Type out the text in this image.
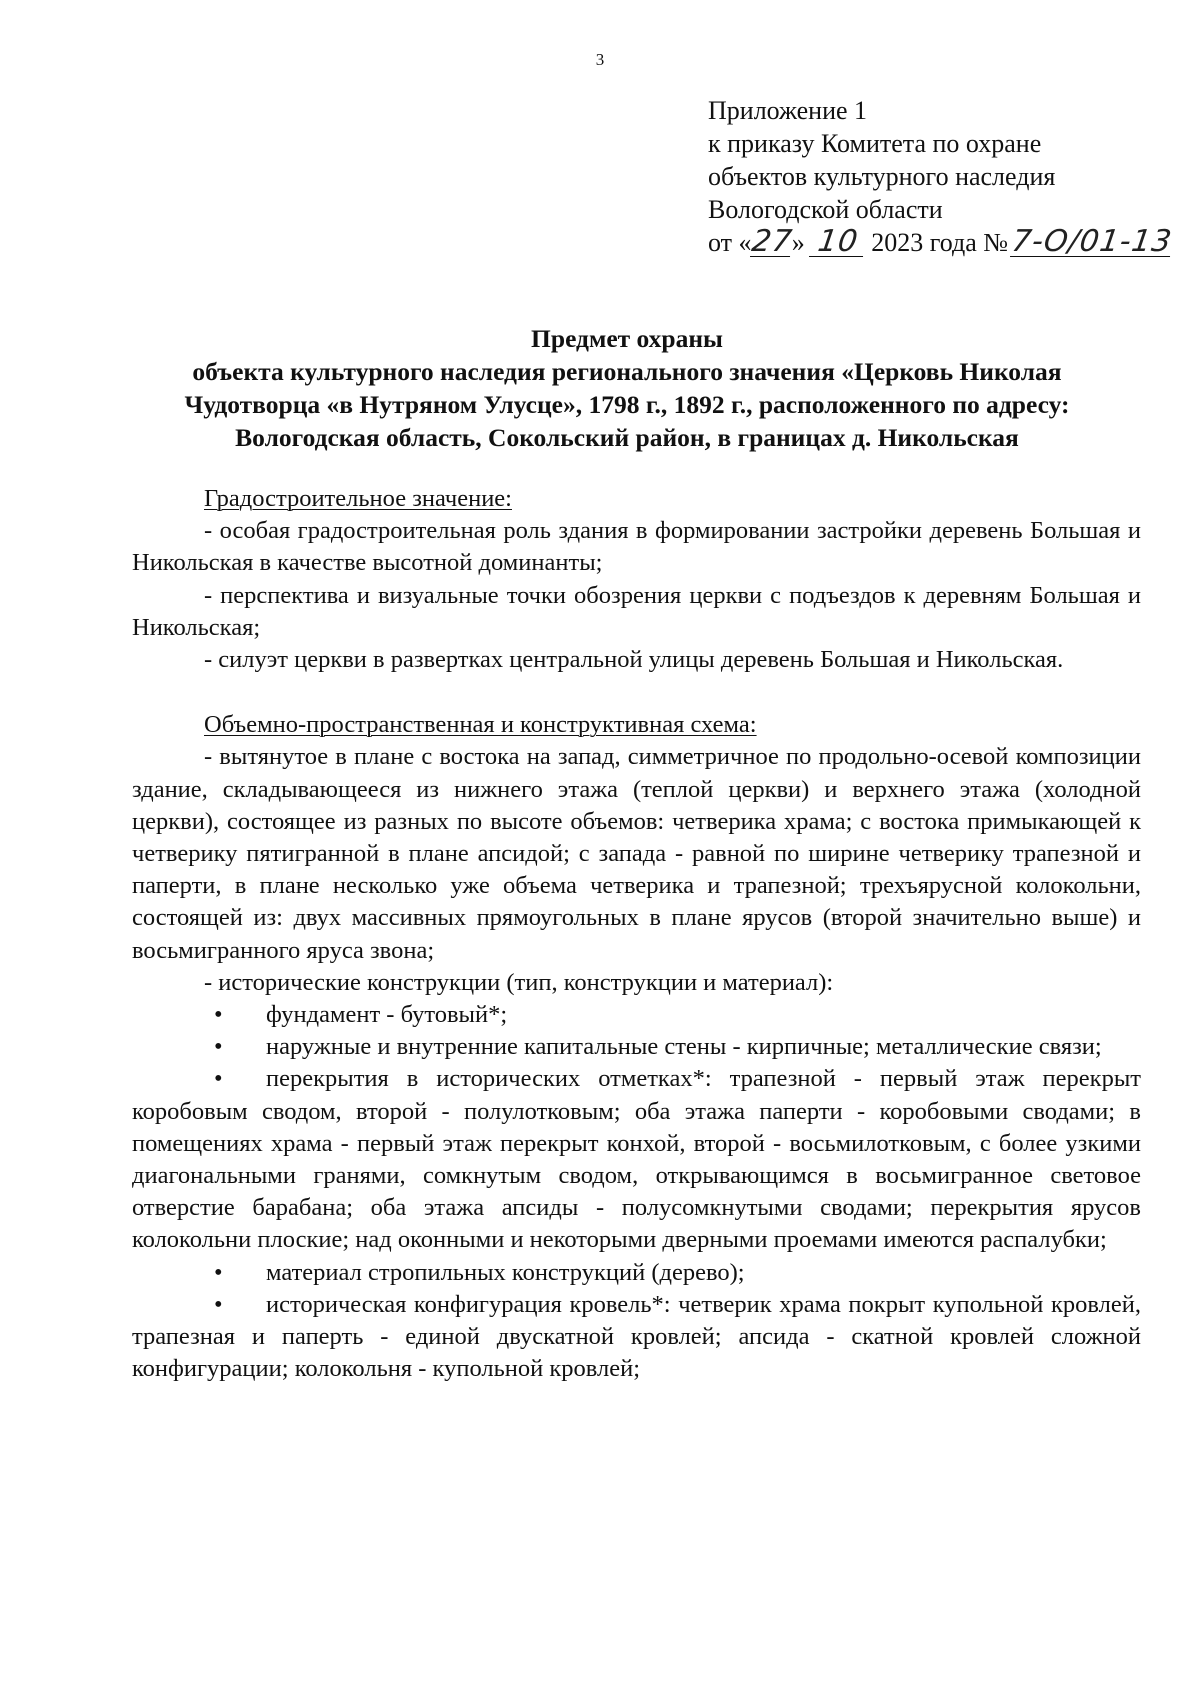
3
Приложение 1
к приказу Комитета по охране
объектов культурного наследия
Вологодской области
от «27» 10 2023 года №7-О/01-13
Предмет охраны
объекта культурного наследия регионального значения «Церковь Николая
Чудотворца «в Нутряном Улусце», 1798 г., 1892 г., расположенного по адресу:
Вологодская область, Сокольский район, в границах д. Никольская
Градостроительное значение:

- особая градостроительная роль здания в формировании застройки деревень Большая и Никольская в качестве высотной доминанты;

- перспектива и визуальные точки обозрения церкви с подъездов к деревням Большая и Никольская;

- силуэт церкви в развертках центральной улицы деревень Большая и Никольская.

Объемно-пространственная и конструктивная схема:

- вытянутое в плане с востока на запад, симметричное по продольно-осевой композиции здание, складывающееся из нижнего этажа (теплой церкви) и верхнего этажа (холодной церкви), состоящее из разных по высоте объемов: четверика храма; с востока примыкающей к четверику пятигранной в плане апсидой; с запада - равной по ширине четверику трапезной и паперти, в плане несколько уже объема четверика и трапезной; трехъярусной колокольни, состоящей из: двух массивных прямоугольных в плане ярусов (второй значительно выше) и восьмигранного яруса звона;

- исторические конструкции (тип, конструкции и материал):

• фундамент - бутовый*;

• наружные и внутренние капитальные стены - кирпичные; металлические связи;

• перекрытия в исторических отметках*: трапезной - первый этаж перекрыт коробовым сводом, второй - полулотковым; оба этажа паперти - коробовыми сводами; в помещениях храма - первый этаж перекрыт конхой, второй - восьмилотковым, с более узкими диагональными гранями, сомкнутым сводом, открывающимся в восьмигранное световое отверстие барабана; оба этажа апсиды - полусомкнутыми сводами; перекрытия ярусов колокольни плоские; над оконными и некоторыми дверными проемами имеются распалубки;

• материал стропильных конструкций (дерево);

• историческая конфигурация кровель*: четверик храма покрыт купольной кровлей, трапезная и паперть - единой двускатной кровлей; апсида - скатной кровлей сложной конфигурации; колокольня - купольной кровлей;
